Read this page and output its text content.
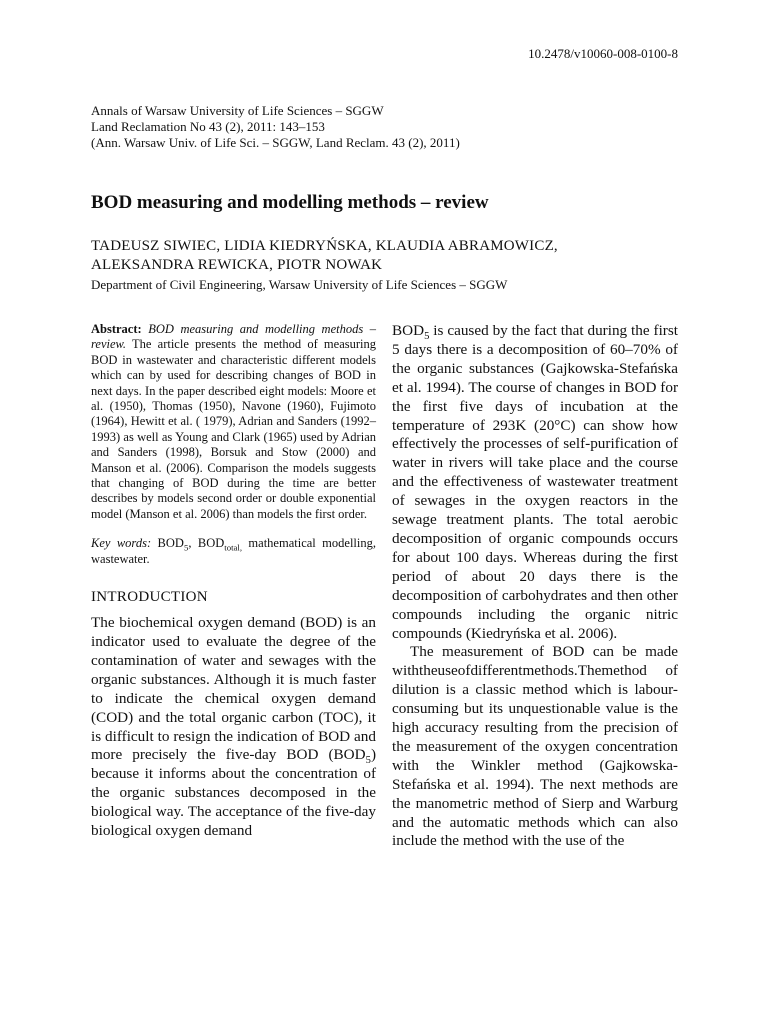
10.2478/v10060-008-0100-8
Annals of Warsaw University of Life Sciences – SGGW
Land Reclamation No 43 (2), 2011: 143–153
(Ann. Warsaw Univ. of Life Sci. – SGGW, Land Reclam. 43 (2), 2011)
BOD measuring and modelling methods – review
TADEUSZ SIWIEC, LIDIA KIEDRYŃSKA, KLAUDIA ABRAMOWICZ,
ALEKSANDRA REWICKA, PIOTR NOWAK
Department of Civil Engineering, Warsaw University of Life Sciences – SGGW

Abstract: BOD measuring and modelling methods – review. The article presents the method of measuring BOD in wastewater and characteristic different models which can by used for describing changes of BOD in next days. In the paper described eight models: Moore et al. (1950), Thomas (1950), Navone (1960), Fujimoto (1964), Hewitt et al. ( 1979), Adrian and Sanders (1992–1993) as well as Young and Clark (1965) used by Adrian and Sanders (1998), Borsuk and Stow (2000) and Manson et al. (2006). Comparison the models suggests that changing of BOD during the time are better describes by models second order or double exponential model (Manson et al. 2006) than models the first order.

Key words: $BOD_5$, $BOD_{total,}$ mathematical modelling, wastewater.

INTRODUCTION

The biochemical oxygen demand (BOD) is an indicator used to evaluate the degree of the contamination of water and sewages with the organic substances. Although it is much faster to indicate the chemical oxygen demand (COD) and the total organic carbon (TOC), it is difficult to resign the indication of BOD and more precisely the five-day BOD $(BOD_5)$ because it informs about the concentration of the organic substances decomposed in the biological way. The acceptance of the five-day biological oxygen demand

$BOD_5$ is caused by the fact that during the first 5 days there is a decomposition of 60–70% of the organic substances (Gajkowska-Stefańska et al. 1994). The course of changes in BOD for the first five days of incubation at the temperature of 293K (20°C) can show how effectively the processes of self-purification of water in rivers will take place and the course and the effectiveness of wastewater treatment of sewages in the oxygen reactors in the sewage treatment plants. The total aerobic decomposition of organic compounds occurs for about 100 days. Whereas during the first period of about 20 days there is the decomposition of carbohydrates and then other compounds including the organic nitric compounds (Kiedryńska et al. 2006).

The measurement of BOD can be made withtheuseofdifferentmethods.Themethod of dilution is a classic method which is labour-consuming but its unquestionable value is the high accuracy resulting from the precision of the measurement of the oxygen concentration with the Winkler method (Gajkowska-Stefańska et al. 1994). The next methods are the manometric method of Sierp and Warburg and the automatic methods which can also include the method with the use of the
